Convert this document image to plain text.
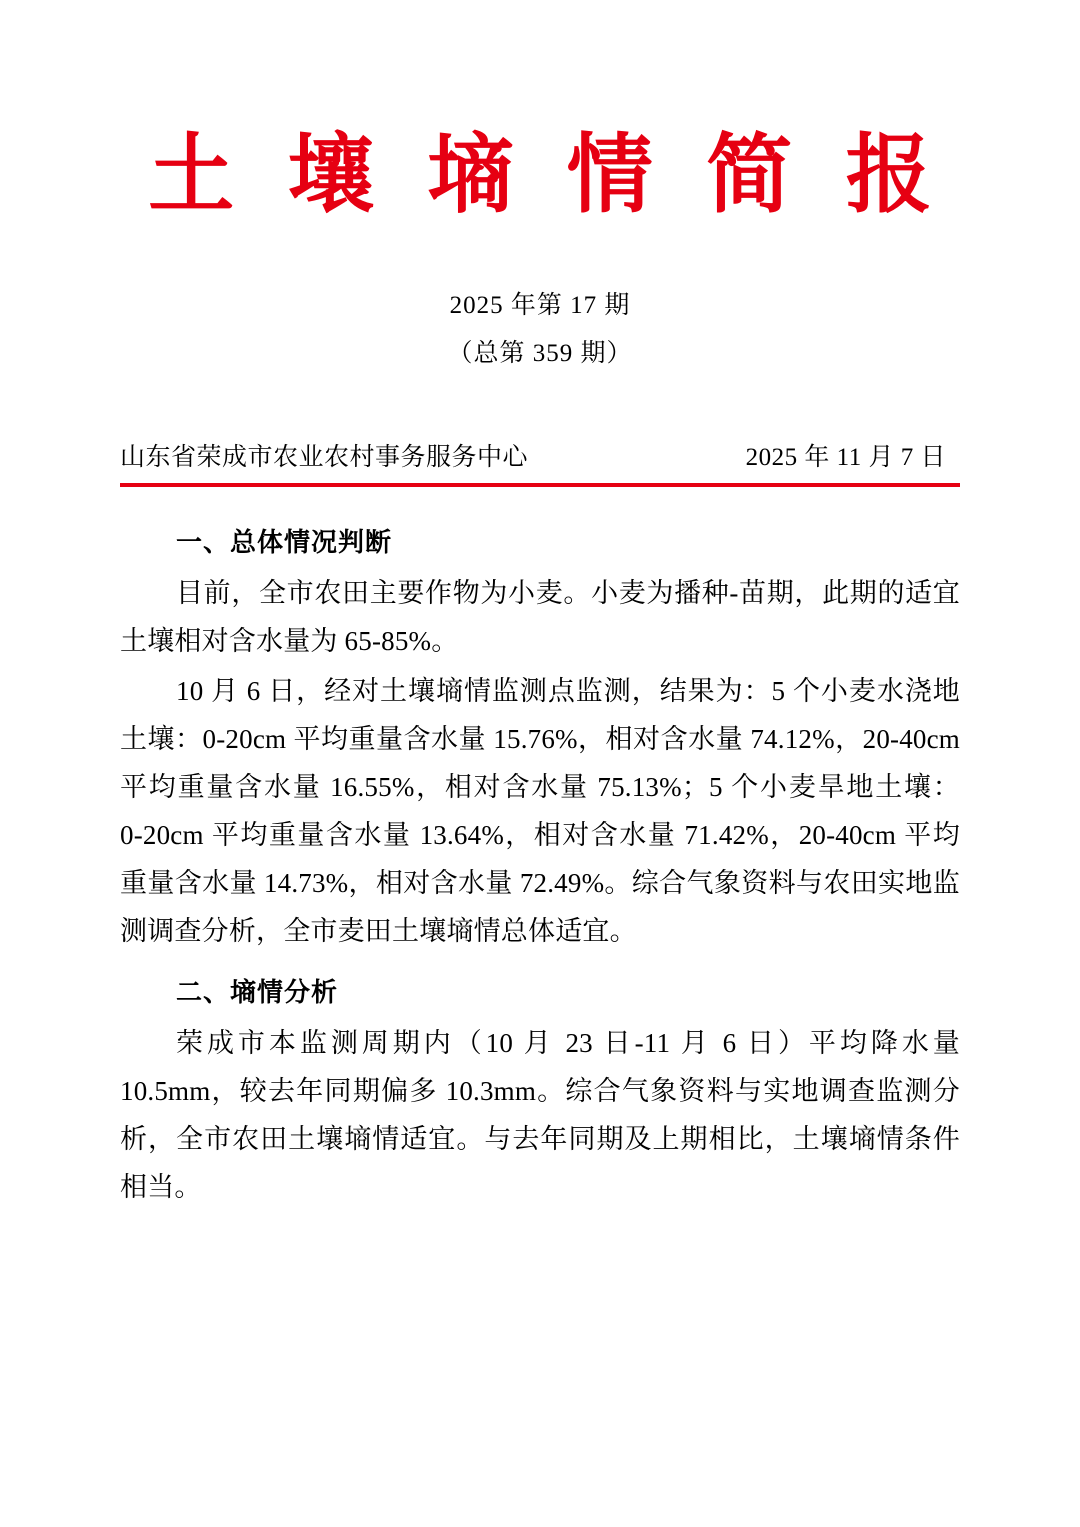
土 壤 墒 情 简 报
2025 年第 17 期
（总第 359 期）
山东省荣成市农业农村事务服务中心	2025 年 11 月 7 日
一、总体情况判断

目前，全市农田主要作物为小麦。小麦为播种‑苗期，此期的适宜土壤相对含水量为 65‑85%。

10 月 6 日，经对土壤墒情监测点监测，结果为：5 个小麦水浇地土壤：0‑20cm 平均重量含水量 15.76%，相对含水量 74.12%，20‑40cm 平均重量含水量 16.55%，相对含水量 75.13%；5 个小麦旱地土壤：0‑20cm 平均重量含水量 13.64%，相对含水量 71.42%，20‑40cm 平均重量含水量 14.73%，相对含水量 72.49%。综合气象资料与农田实地监测调查分析，全市麦田土壤墒情总体适宜。

二、墒情分析

荣成市本监测周期内（10 月 23 日‑11 月 6 日）平均降水量 10.5mm，较去年同期偏多 10.3mm。综合气象资料与实地调查监测分析，全市农田土壤墒情适宜。与去年同期及上期相比，土壤墒情条件相当。
